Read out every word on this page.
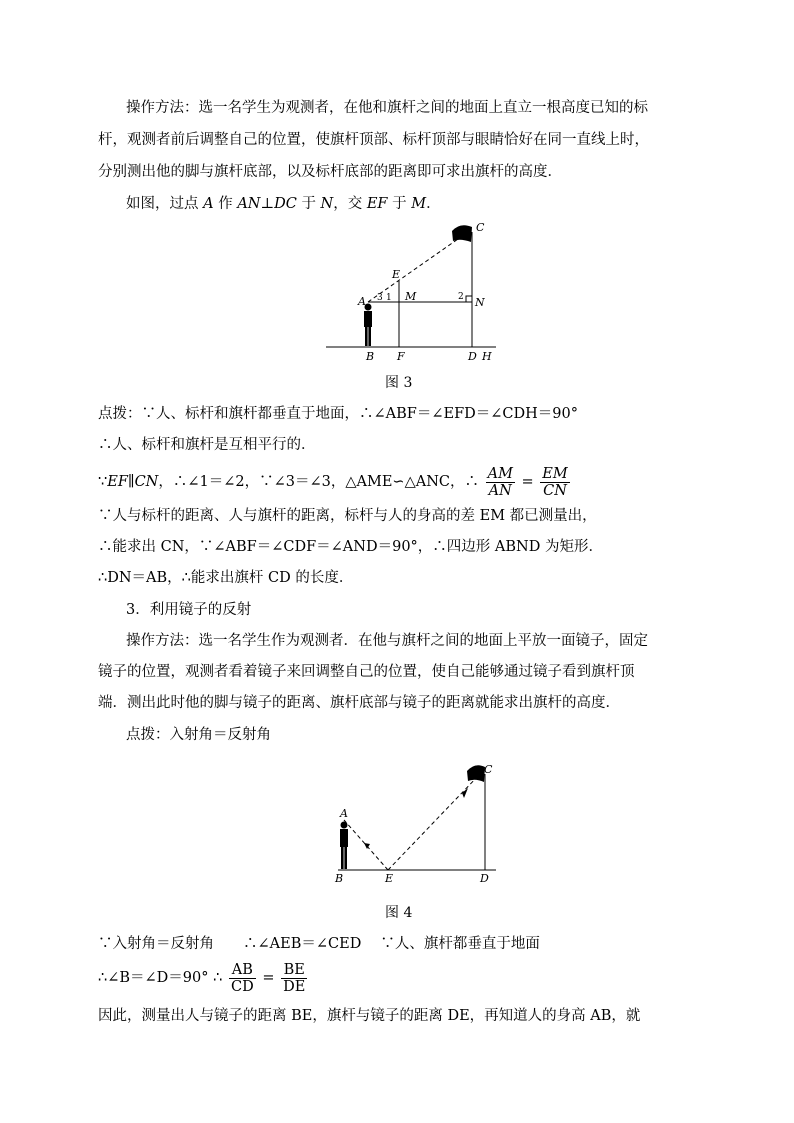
操作方法：选一名学生为观测者，在他和旗杆之间的地面上直立一根高度已知的标
杆，观测者前后调整自己的位置，使旗杆顶部、标杆顶部与眼睛恰好在同一直线上时，
分别测出他的脚与旗杆底部，以及标杆底部的距离即可求出旗杆的高度．
如图，过点 A 作 AN⊥DC 于 N，交 EF 于 M．
C
E
A	M	N
B F	D H
3 1	2
图 3
点拨：∵人、标杆和旗杆都垂直于地面，∴∠ABF＝∠EFD＝∠CDH＝90°
∴人、标杆和旗杆是互相平行的．
∵EF∥CN，∴∠1＝∠2，∵∠3＝∠3，△AME∽△ANC，∴ $\frac{AM}{AN} = \frac{EM}{CN}$
∵人与标杆的距离、人与旗杆的距离，标杆与人的身高的差 EM 都已测量出，
∴能求出 CN，∵∠ABF＝∠CDF＝∠AND＝90°，∴四边形 ABND 为矩形．
∴DN＝AB，∴能求出旗杆 CD 的长度．
3．利用镜子的反射
操作方法：选一名学生作为观测者．在他与旗杆之间的地面上平放一面镜子，固定
镜子的位置，观测者看着镜子来回调整自己的位置，使自己能够通过镜子看到旗杆顶
端．测出此时他的脚与镜子的距离、旗杆底部与镜子的距离就能求出旗杆的高度．
点拨：入射角＝反射角
A
C
B	E	D
图 4
∵入射角＝反射角　　∴∠AEB＝∠CED　 ∵人、旗杆都垂直于地面
∴∠B＝∠D＝90° ∴ $\frac{AB}{CD} = \frac{BE}{DE}$
因此，测量出人与镜子的距离 BE，旗杆与镜子的距离 DE，再知道人的身高 AB，就
